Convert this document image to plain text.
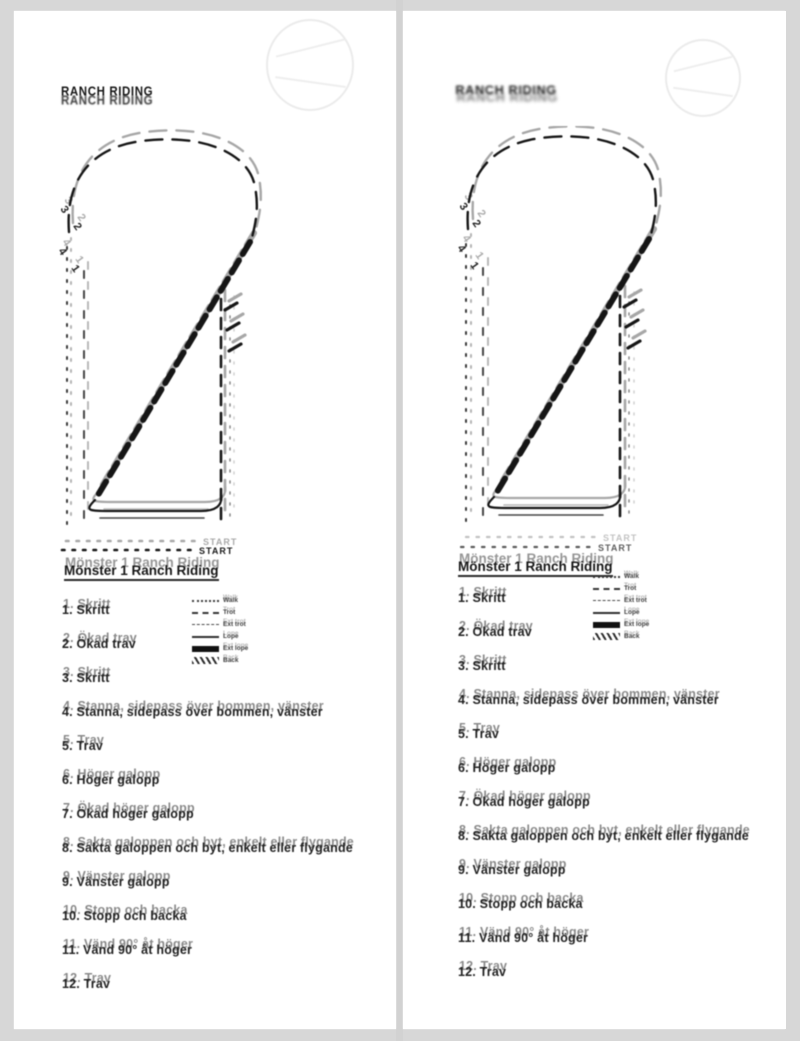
RANCH RIDING
3
2
4
1
START
Mönster 1 Ranch Riding
Walk
Trot
Ext trot
Lope
Ext lope
Back
1. Skritt
2. Ökad trav
3. Skritt
4. Stanna, sidepass över bommen, vänster
5. Trav
6. Höger galopp
7. Ökad höger galopp
8. Sakta galoppen och byt, enkelt eller flygande
9. Vänster galopp
10. Stopp och backa
11. Vänd 90° åt höger
12. Trav
RANCH RIDING
3
2
4
1
START
Mönster 1 Ranch Riding
Walk
Trot
Ext trot
Lope
Ext lope
Back
1. Skritt
2. Ökad trav
3. Skritt
4. Stanna, sidepass över bommen, vänster
5. Trav
6. Höger galopp
7. Ökad höger galopp
8. Sakta galoppen och byt, enkelt eller flygande
9. Vänster galopp
10. Stopp och backa
11. Vänd 90° åt höger
12. Trav
